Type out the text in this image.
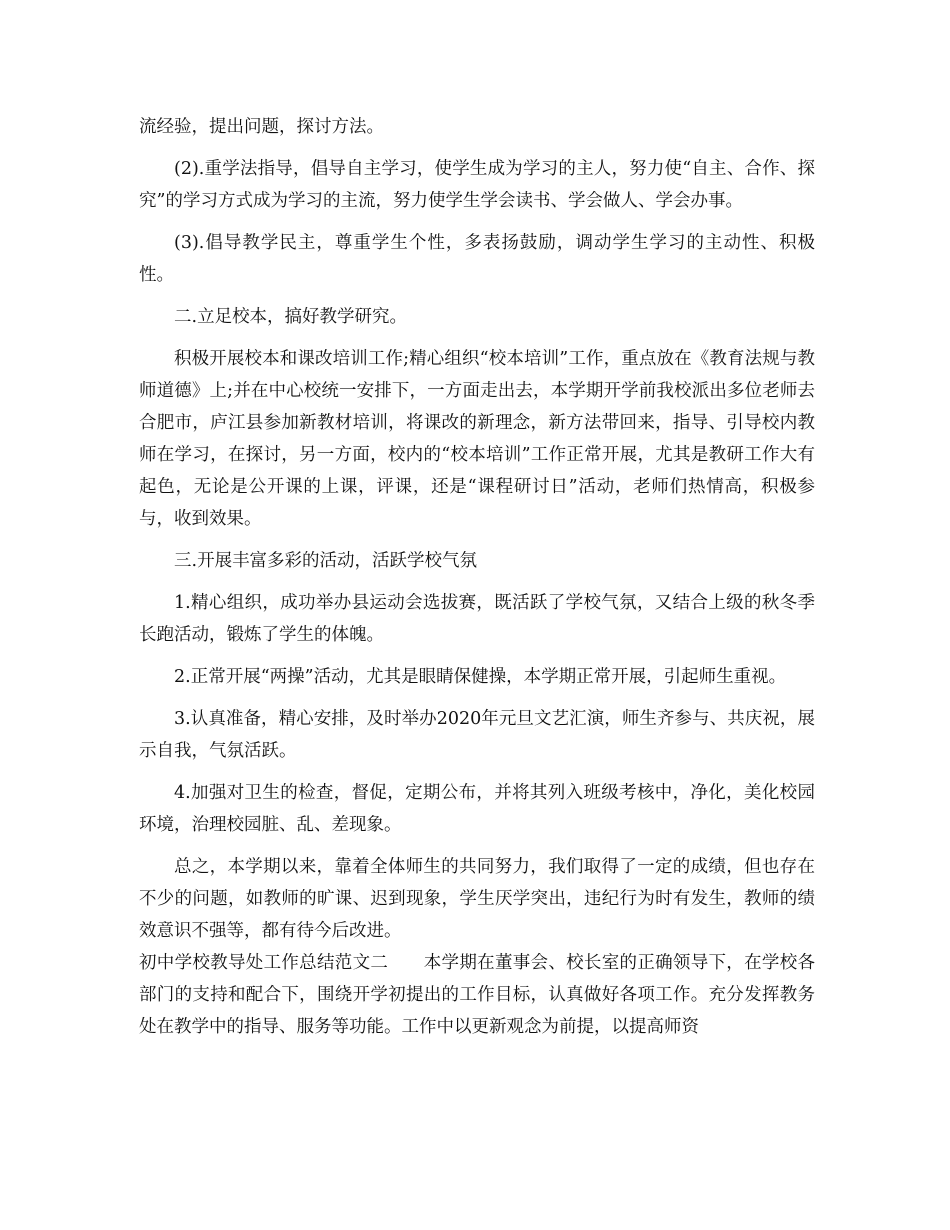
流经验，提出问题，探讨方法。

(2).重学法指导，倡导自主学习，使学生成为学习的主人，努力使“自主、合作、探究”的学习方式成为学习的主流，努力使学生学会读书、学会做人、学会办事。

(3).倡导教学民主，尊重学生个性，多表扬鼓励，调动学生学习的主动性、积极性。

二.立足校本，搞好教学研究。

积极开展校本和课改培训工作;精心组织“校本培训”工作，重点放在《教育法规与教师道德》上;并在中心校统一安排下，一方面走出去，本学期开学前我校派出多位老师去合肥市，庐江县参加新教材培训，将课改的新理念，新方法带回来，指导、引导校内教师在学习，在探讨，另一方面，校内的“校本培训”工作正常开展，尤其是教研工作大有起色，无论是公开课的上课，评课，还是“课程研讨日”活动，老师们热情高，积极参与，收到效果。

三.开展丰富多彩的活动，活跃学校气氛

1.精心组织，成功举办县运动会选拔赛，既活跃了学校气氛，又结合上级的秋冬季长跑活动，锻炼了学生的体魄。

2.正常开展“两操”活动，尤其是眼睛保健操，本学期正常开展，引起师生重视。

3.认真准备，精心安排，及时举办2020年元旦文艺汇演，师生齐参与、共庆祝，展示自我，气氛活跃。

4.加强对卫生的检查，督促，定期公布，并将其列入班级考核中，净化，美化校园环境，治理校园脏、乱、差现象。

总之，本学期以来，靠着全体师生的共同努力，我们取得了一定的成绩，但也存在不少的问题，如教师的旷课、迟到现象，学生厌学突出，违纪行为时有发生，教师的绩效意识不强等，都有待今后改进。

初中学校教导处工作总结范文二　　本学期在董事会、校长室的正确领导下，在学校各部门的支持和配合下，围绕开学初提出的工作目标，认真做好各项工作。充分发挥教务处在教学中的指导、服务等功能。工作中以更新观念为前提，以提高师资
